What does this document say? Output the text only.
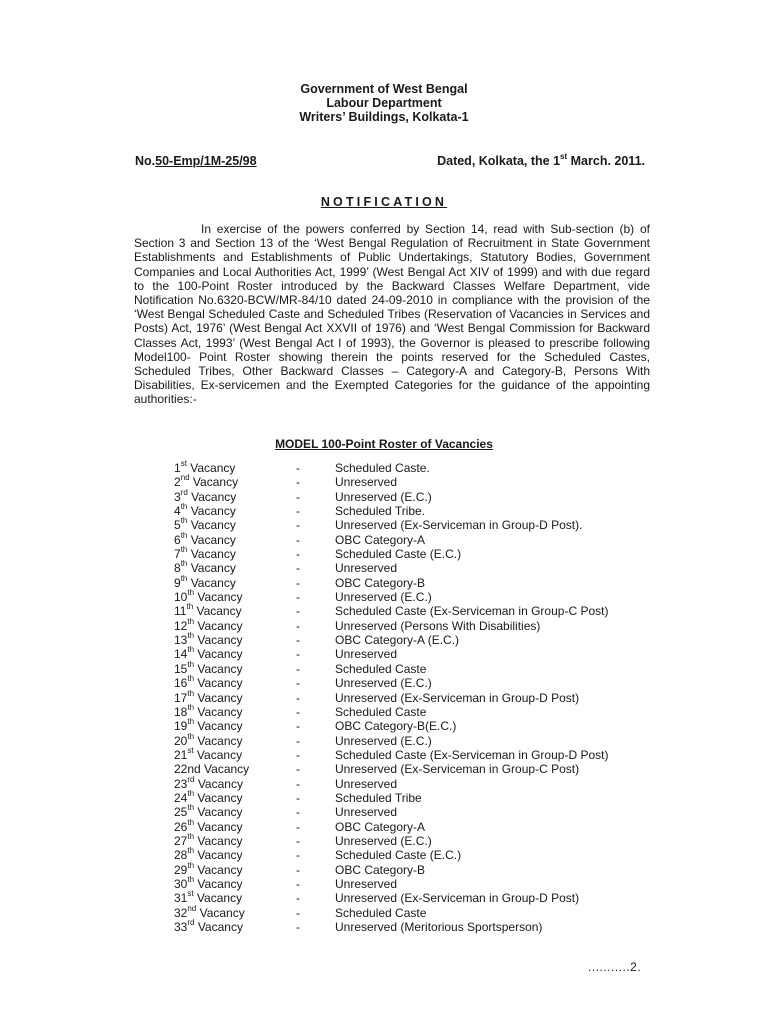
Government of West Bengal
Labour Department
Writers’ Buildings, Kolkata-1
No.50-Emp/1M-25/98	Dated, Kolkata, the 1st March. 2011.
NOTIFICATION
In exercise of the powers conferred by Section 14, read with Sub-section (b) of Section 3 and Section 13 of the ‘West Bengal Regulation of Recruitment in State Government Establishments and Establishments of Public Undertakings, Statutory Bodies, Government Companies and Local Authorities Act, 1999’ (West Bengal Act XIV of 1999) and with due regard to the 100-Point Roster introduced by the Backward Classes Welfare Department, vide Notification No.6320-BCW/MR-84/10 dated 24-09-2010 in compliance with the provision of the ‘West Bengal Scheduled Caste and Scheduled Tribes (Reservation of Vacancies in Services and Posts) Act, 1976’ (West Bengal Act XXVII of 1976) and ‘West Bengal Commission for Backward Classes Act, 1993’ (West Bengal Act I of 1993), the Governor is pleased to prescribe following Model100- Point Roster showing therein the points reserved for the Scheduled Castes, Scheduled Tribes, Other Backward Classes – Category-A and Category-B, Persons With Disabilities, Ex-servicemen and the Exempted Categories for the guidance of the appointing authorities:-
MODEL 100-Point Roster of Vacancies
1st Vacancy	-	Scheduled Caste.
2nd Vacancy	-	Unreserved
3rd Vacancy	-	Unreserved (E.C.)
4th Vacancy	-	Scheduled Tribe.
5th Vacancy	-	Unreserved (Ex-Serviceman in Group-D Post).
6th Vacancy	-	OBC Category-A
7th Vacancy	-	Scheduled Caste (E.C.)
8th Vacancy	-	Unreserved
9th Vacancy	-	OBC Category-B
10th Vacancy	-	Unreserved (E.C.)
11th Vacancy	-	Scheduled Caste (Ex-Serviceman in Group-C Post)
12th Vacancy	-	Unreserved (Persons With Disabilities)
13th Vacancy	-	OBC Category-A (E.C.)
14th Vacancy	-	Unreserved
15th Vacancy	-	Scheduled Caste
16th Vacancy	-	Unreserved (E.C.)
17th Vacancy	-	Unreserved (Ex-Serviceman in Group-D Post)
18th Vacancy	-	Scheduled Caste
19th Vacancy	-	OBC Category-B(E.C.)
20th Vacancy	-	Unreserved (E.C.)
21st Vacancy	-	Scheduled Caste (Ex-Serviceman in Group-D Post)
22nd Vacancy	-	Unreserved (Ex-Serviceman in Group-C Post)
23rd Vacancy	-	Unreserved
24th Vacancy	-	Scheduled Tribe
25th Vacancy	-	Unreserved
26th Vacancy	-	OBC Category-A
27th Vacancy	-	Unreserved (E.C.)
28th Vacancy	-	Scheduled Caste (E.C.)
29th Vacancy	-	OBC Category-B
30th Vacancy	-	Unreserved
31st Vacancy	-	Unreserved (Ex-Serviceman in Group-D Post)
32nd Vacancy	-	Scheduled Caste
33rd Vacancy	-	Unreserved (Meritorious Sportsperson)
...........2.
